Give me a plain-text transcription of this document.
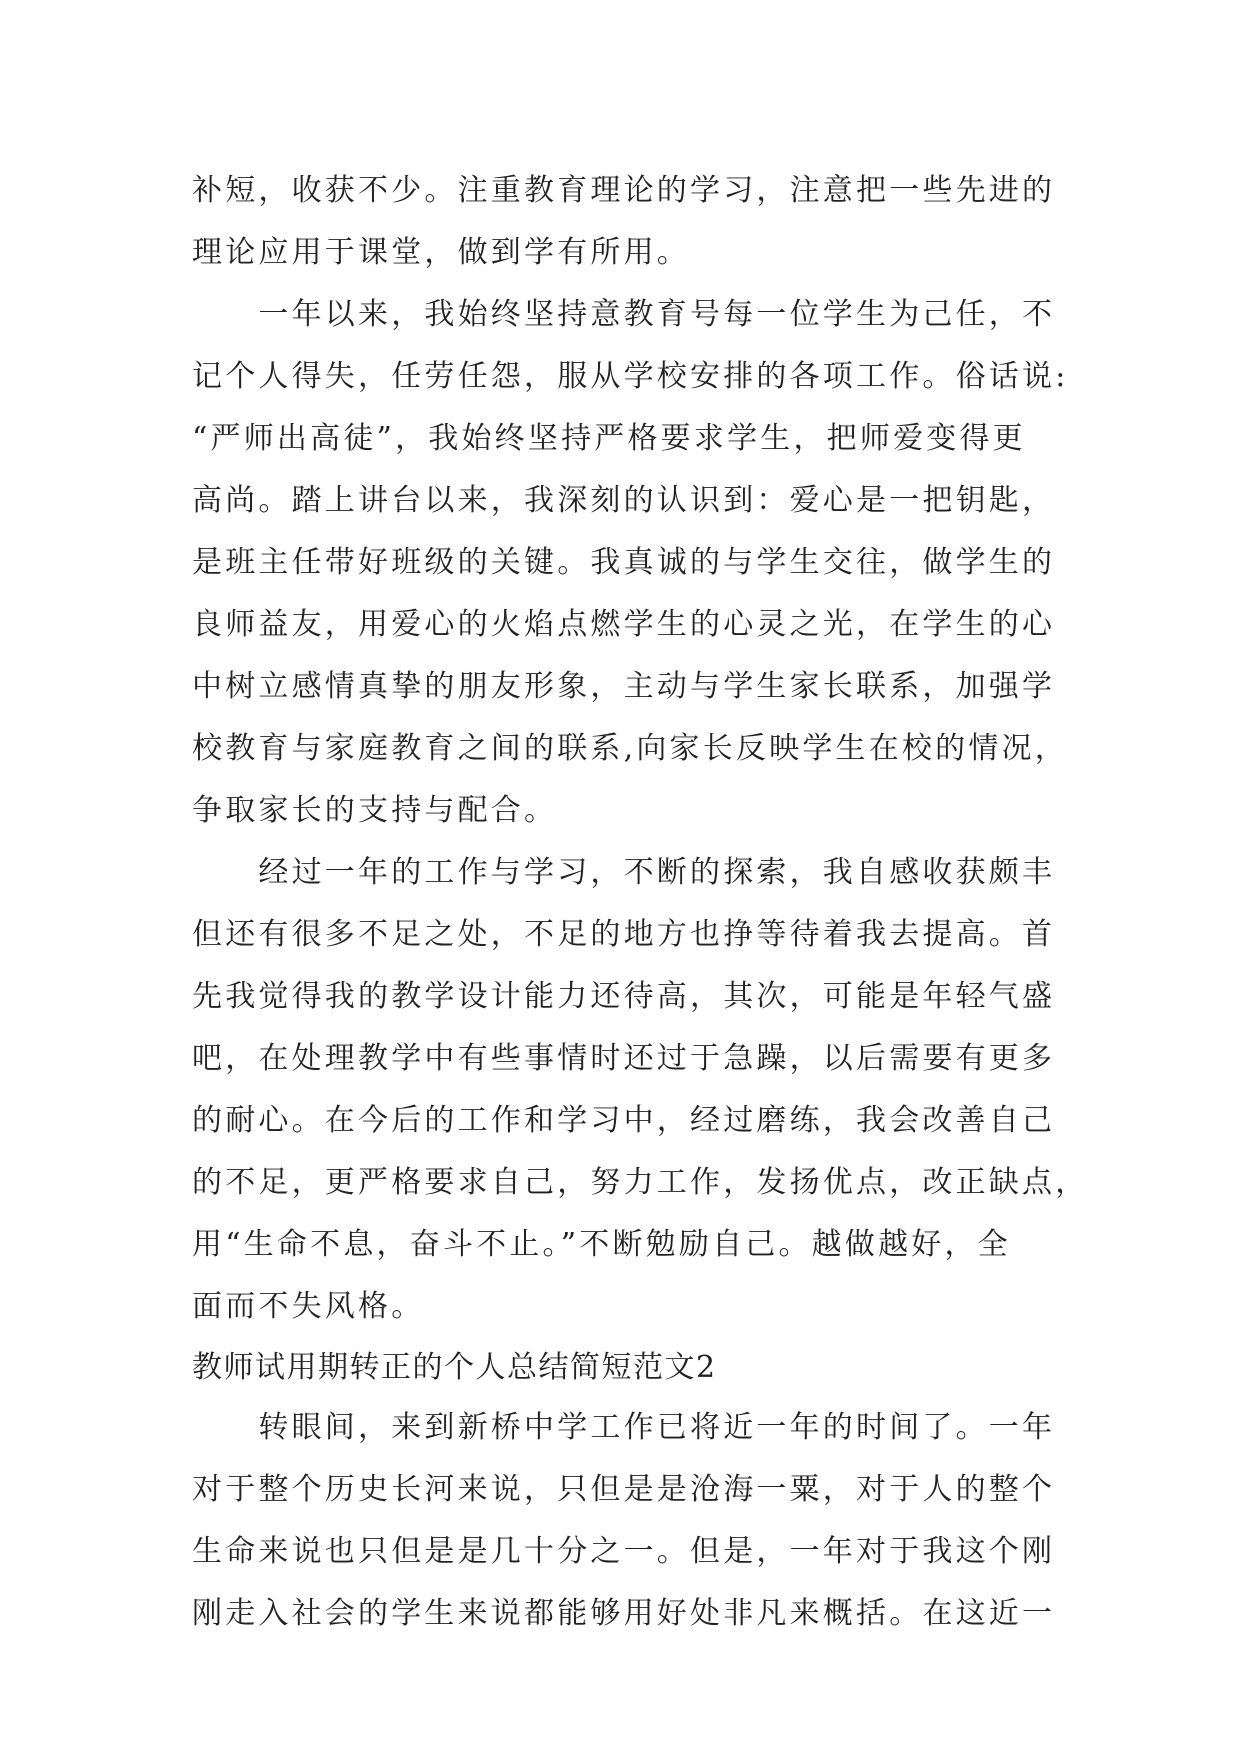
补短，收获不少。注重教育理论的学习，注意把一些先进的
理论应用于课堂，做到学有所用。
　　一年以来，我始终坚持意教育号每一位学生为己任，不
记个人得失，任劳任怨，服从学校安排的各项工作。俗话说:
“严师出高徒”，我始终坚持严格要求学生，把师爱变得更
高尚。踏上讲台以来，我深刻的认识到：爱心是一把钥匙，
是班主任带好班级的关键。我真诚的与学生交往，做学生的
良师益友，用爱心的火焰点燃学生的心灵之光，在学生的心
中树立感情真挚的朋友形象，主动与学生家长联系，加强学
校教育与家庭教育之间的联系,向家长反映学生在校的情况，
争取家长的支持与配合。
　　经过一年的工作与学习，不断的探索，我自感收获颇丰
但还有很多不足之处，不足的地方也挣等待着我去提高。首
先我觉得我的教学设计能力还待高，其次，可能是年轻气盛
吧，在处理教学中有些事情时还过于急躁，以后需要有更多
的耐心。在今后的工作和学习中，经过磨练，我会改善自己
的不足，更严格要求自己，努力工作，发扬优点，改正缺点，
用“生命不息，奋斗不止。”不断勉励自己。越做越好，全
面而不失风格。
教师试用期转正的个人总结简短范文2
　　转眼间，来到新桥中学工作已将近一年的时间了。一年
对于整个历史长河来说，只但是是沧海一粟，对于人的整个
生命来说也只但是是几十分之一。但是，一年对于我这个刚
刚走入社会的学生来说都能够用好处非凡来概括。在这近一
